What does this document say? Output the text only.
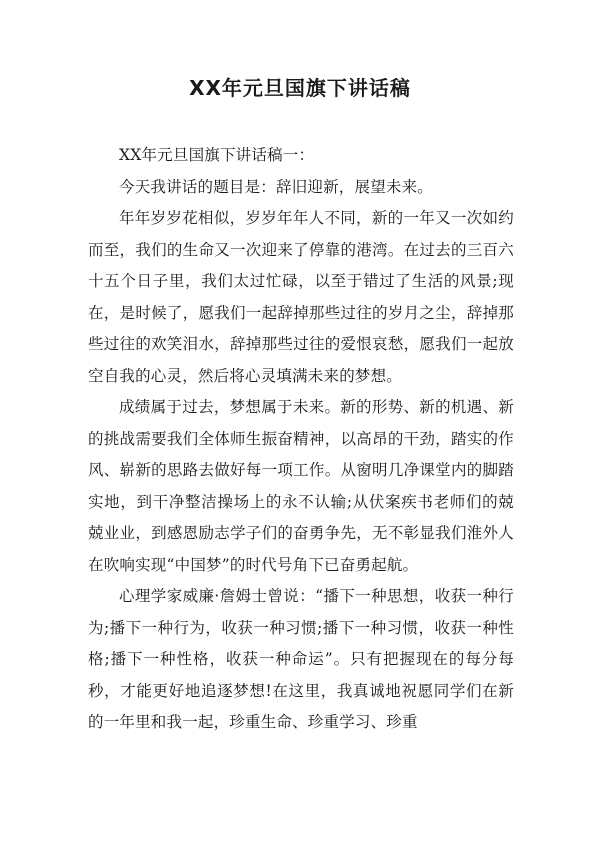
XX年元旦国旗下讲话稿

XX年元旦国旗下讲话稿一：

今天我讲话的题目是：辞旧迎新，展望未来。

年年岁岁花相似，岁岁年年人不同，新的一年又一次如约而至，我们的生命又一次迎来了停靠的港湾。在过去的三百六十五个日子里，我们太过忙碌，以至于错过了生活的风景;现在，是时候了，愿我们一起辞掉那些过往的岁月之尘，辞掉那些过往的欢笑泪水，辞掉那些过往的爱恨哀愁，愿我们一起放空自我的心灵，然后将心灵填满未来的梦想。

成绩属于过去，梦想属于未来。新的形势、新的机遇、新的挑战需要我们全体师生振奋精神，以高昂的干劲，踏实的作风、崭新的思路去做好每一项工作。从窗明几净课堂内的脚踏实地，到干净整洁操场上的永不认输;从伏案疾书老师们的兢兢业业，到感恩励志学子们的奋勇争先，无不彰显我们淮外人在吹响实现“中国梦”的时代号角下已奋勇起航。

心理学家威廉·詹姆士曾说：“播下一种思想，收获一种行为;播下一种行为，收获一种习惯;播下一种习惯，收获一种性格;播下一种性格，收获一种命运”。只有把握现在的每分每秒，才能更好地追逐梦想!在这里，我真诚地祝愿同学们在新的一年里和我一起，珍重生命、珍重学习、珍重
